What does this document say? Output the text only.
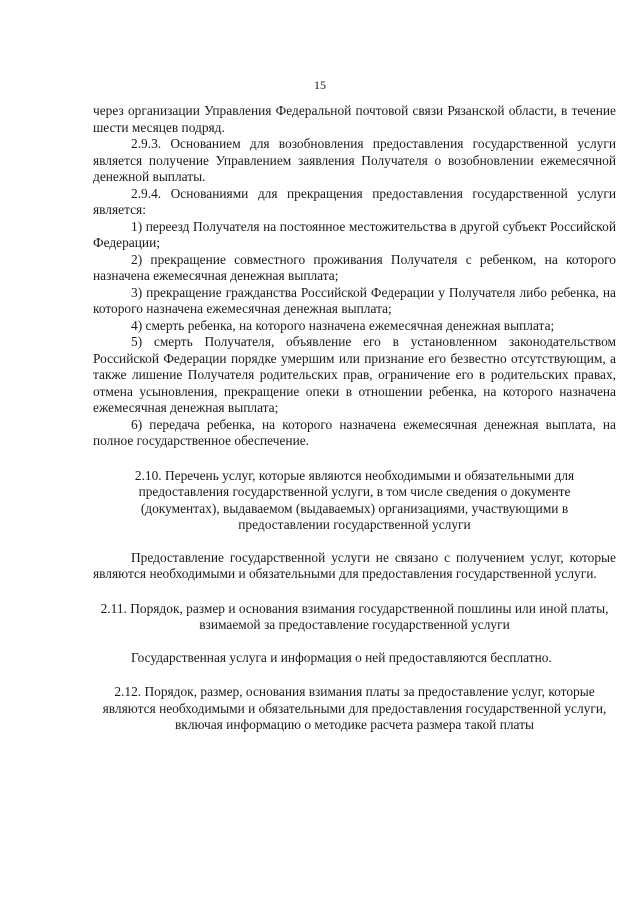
15

через организации Управления Федеральной почтовой связи Рязанской области, в течение шести месяцев подряд.

2.9.3. Основанием для возобновления предоставления государственной услуги является получение Управлением заявления Получателя о возобновлении ежемесячной денежной выплаты.

2.9.4. Основаниями для прекращения предоставления государственной услуги является:

1) переезд Получателя на постоянное местожительства в другой субъект Российской Федерации;

2) прекращение совместного проживания Получателя с ребенком, на которого назначена ежемесячная денежная выплата;

3) прекращение гражданства Российской Федерации у Получателя либо ребенка, на которого назначена ежемесячная денежная выплата;

4) смерть ребенка, на которого назначена ежемесячная денежная выплата;

5) смерть Получателя, объявление его в установленном законодательством Российской Федерации порядке умершим или признание его безвестно отсутствующим, а также лишение Получателя родительских прав, ограничение его в родительских правах, отмена усыновления, прекращение опеки в отношении ребенка, на которого назначена ежемесячная денежная выплата;

6) передача ребенка, на которого назначена ежемесячная денежная выплата, на полное государственное обеспечение.

2.10. Перечень услуг, которые являются необходимыми и обязательными для предоставления государственной услуги, в том числе сведения о документе (документах), выдаваемом (выдаваемых) организациями, участвующими в предоставлении государственной услуги

Предоставление государственной услуги не связано с получением услуг, которые являются необходимыми и обязательными для предоставления государственной услуги.

2.11. Порядок, размер и основания взимания государственной пошлины или иной платы, взимаемой за предоставление государственной услуги

Государственная услуга и информация о ней предоставляются бесплатно.

2.12. Порядок, размер, основания взимания платы за предоставление услуг, которые являются необходимыми и обязательными для предоставления государственной услуги, включая информацию о методике расчета размера такой платы
